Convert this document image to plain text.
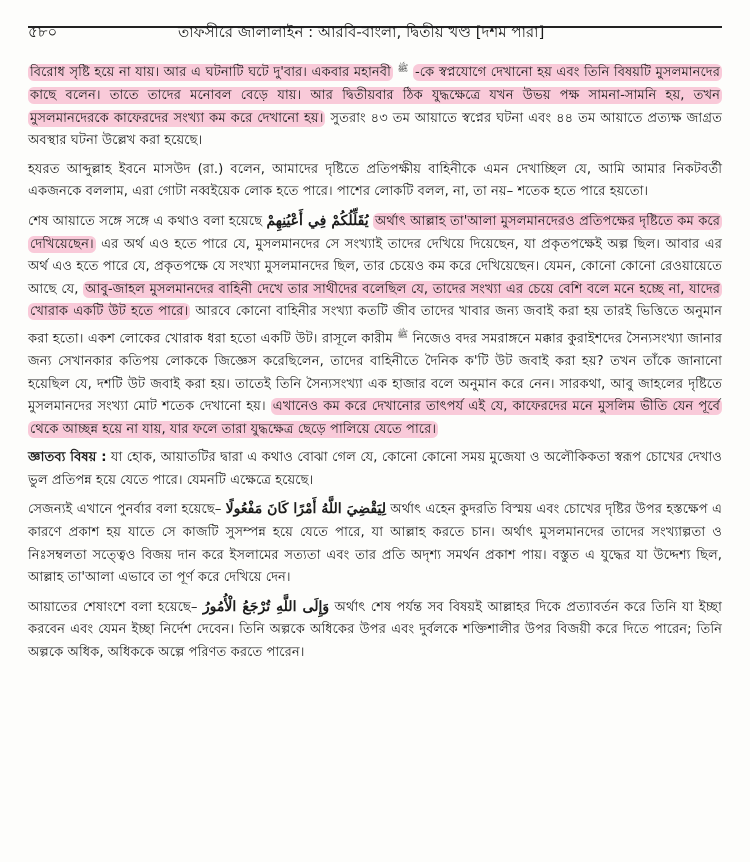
৫৮০	তাফসীরে জালালাইন : আরবি-বাংলা, দ্বিতীয় খণ্ড [দশম পারা]

বিরোধ সৃষ্টি হয়ে না যায়। আর এ ঘটনাটি ঘটে দু'বার। একবার মহানবী $^ﷺ$ -কে স্বপ্নযোগে দেখানো হয় এবং তিনি বিষয়টি মুসলমানদের কাছে বলেন। তাতে তাদের মনোবল বেড়ে যায়। আর দ্বিতীয়বার ঠিক যুদ্ধক্ষেত্রে যখন উভয় পক্ষ সামনা-সামনি হয়, তখন মুসলমানদেরকে কাফেরদের সংখ্যা কম করে দেখানো হয়। সুতরাং ৪৩ তম আয়াতে স্বপ্নের ঘটনা এবং ৪৪ তম আয়াতে প্রত্যক্ষ জাগ্রত অবস্থার ঘটনা উল্লেখ করা হয়েছে।

হযরত আব্দুল্লাহ ইবনে মাসউদ (রা.) বলেন, আমাদের দৃষ্টিতে প্রতিপক্ষীয় বাহিনীকে এমন দেখাচ্ছিল যে, আমি আমার নিকটবর্তী একজনকে বললাম, এরা গোটা নব্বইয়েক লোক হতে পারে। পাশের লোকটি বলল, না, তা নয়– শতেক হতে পারে হয়তো।

শেষ আয়াতে সঙ্গে সঙ্গে এ কথাও বলা হয়েছে يُقَلِّلُكُمْ فِي أَعْيُنِهِمْ অর্থাৎ আল্লাহ তা'আলা মুসলমানদেরও প্রতিপক্ষের দৃষ্টিতে কম করে দেখিয়েছেন। এর অর্থ এও হতে পারে যে, মুসলমানদের সে সংখ্যাই তাদের দেখিয়ে দিয়েছেন, যা প্রকৃতপক্ষেই অল্প ছিল। আবার এর অর্থ এও হতে পারে যে, প্রকৃতপক্ষে যে সংখ্যা মুসলমানদের ছিল, তার চেয়েও কম করে দেখিয়েছেন। যেমন, কোনো কোনো রেওয়ায়েতে আছে যে, আবু-জাহল মুসলমানদের বাহিনী দেখে তার সাথীদের বলেছিল যে, তাদের সংখ্যা এর চেয়ে বেশি বলে মনে হচ্ছে না, যাদের খোরাক একটি উট হতে পারে। আরবে কোনো বাহিনীর সংখ্যা কতটি জীব তাদের খাবার জন্য জবাই করা হয় তারই ভিত্তিতে অনুমান করা হতো। একশ লোকের খোরাক ধরা হতো একটি উট। রাসূলে কারীম $^ﷺ$ নিজেও বদর সমরাঙ্গনে মক্কার কুরাইশদের সৈন্যসংখ্যা জানার জন্য সেখানকার কতিপয় লোককে জিজ্ঞেস করেছিলেন, তাদের বাহিনীতে দৈনিক ক'টি উট জবাই করা হয়? তখন তাঁকে জানানো হয়েছিল যে, দশটি উট জবাই করা হয়। তাতেই তিনি সৈন্যসংখ্যা এক হাজার বলে অনুমান করে নেন। সারকথা, আবু জাহলের দৃষ্টিতে মুসলমানদের সংখ্যা মোট শতেক দেখানো হয়। এখানেও কম করে দেখানোর তাৎপর্য এই যে, কাফেরদের মনে মুসলিম ভীতি যেন পূর্বে থেকে আচ্ছন্ন হয়ে না যায়, যার ফলে তারা যুদ্ধক্ষেত্র ছেড়ে পালিয়ে যেতে পারে।

জ্ঞাতব্য বিষয় : যা হোক, আয়াতটির দ্বারা এ কথাও বোঝা গেল যে, কোনো কোনো সময় মুজেযা ও অলৌকিকতা স্বরূপ চোখের দেখাও ভুল প্রতিপন্ন হয়ে যেতে পারে। যেমনটি এক্ষেত্রে হয়েছে।

সেজন্যই এখানে পুনর্বার বলা হয়েছে– لِيَقْضِيَ اللَّهُ أَمْرًا كَانَ مَفْعُولًا অর্থাৎ এহেন কুদরতি বিস্ময় এবং চোখের দৃষ্টির উপর হস্তক্ষেপ এ কারণে প্রকাশ হয় যাতে সে কাজটি সুসম্পন্ন হয়ে যেতে পারে, যা আল্লাহ করতে চান। অর্থাৎ মুসলমানদের তাদের সংখ্যাল্পতা ও নিঃসম্বলতা সত্ত্বেও বিজয় দান করে ইসলামের সত্যতা এবং তার প্রতি অদৃশ্য সমর্থন প্রকাশ পায়। বস্তুত এ যুদ্ধের যা উদ্দেশ্য ছিল, আল্লাহ তা'আলা এভাবে তা পূর্ণ করে দেখিয়ে দেন।

আয়াতের শেষাংশে বলা হয়েছে– وَإِلَى اللَّهِ تُرْجَعُ الْأُمُورُ অর্থাৎ শেষ পর্যন্ত সব বিষয়ই আল্লাহর দিকে প্রত্যাবর্তন করে তিনি যা ইচ্ছা করবেন এবং যেমন ইচ্ছা নির্দেশ দেবেন। তিনি অল্পকে অধিকের উপর এবং দুর্বলকে শক্তিশালীর উপর বিজয়ী করে দিতে পারেন; তিনি অল্পকে অধিক, অধিককে অল্পে পরিণত করতে পারেন।
